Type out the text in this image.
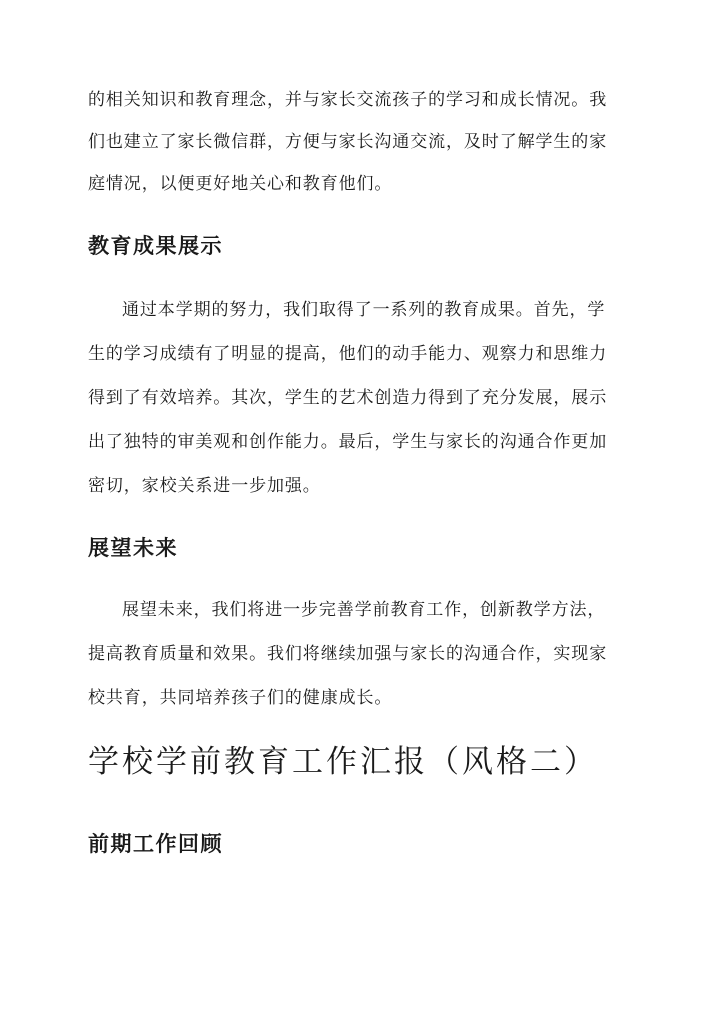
的相关知识和教育理念，并与家长交流孩子的学习和成长情况。我
们也建立了家长微信群，方便与家长沟通交流，及时了解学生的家
庭情况，以便更好地关心和教育他们。
教育成果展示
通过本学期的努力，我们取得了一系列的教育成果。首先，学
生的学习成绩有了明显的提高，他们的动手能力、观察力和思维力
得到了有效培养。其次，学生的艺术创造力得到了充分发展，展示
出了独特的审美观和创作能力。最后，学生与家长的沟通合作更加
密切，家校关系进一步加强。
展望未来
展望未来，我们将进一步完善学前教育工作，创新教学方法，
提高教育质量和效果。我们将继续加强与家长的沟通合作，实现家
校共育，共同培养孩子们的健康成长。
学校学前教育工作汇报（风格二）
前期工作回顾
